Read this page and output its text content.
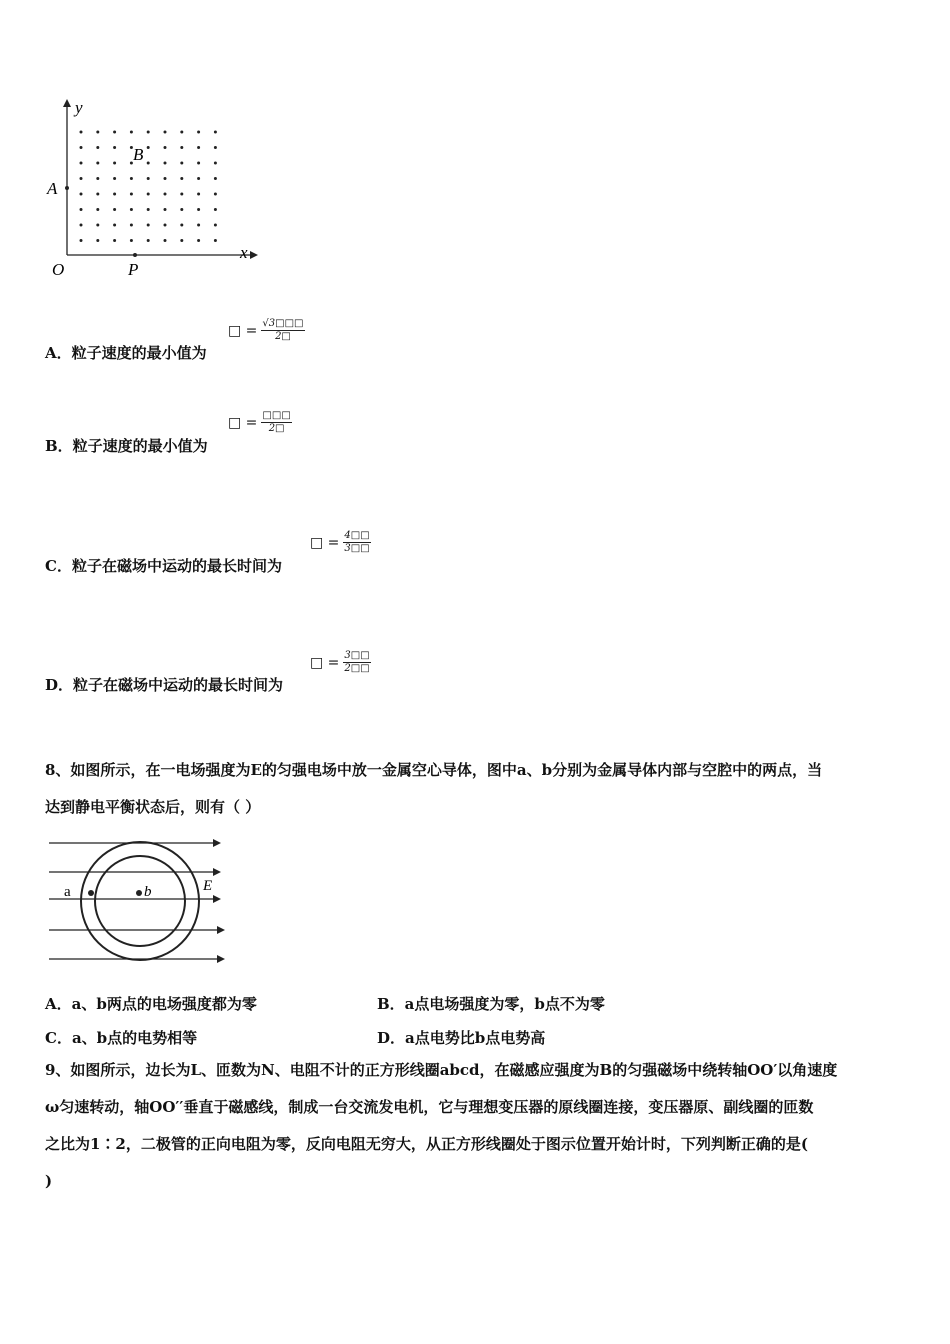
y
x
O
A
B
P
A．粒子速度的最小值为
□ = $\frac{√3□□□}{2□}$
B．粒子速度的最小值为
□ = $\frac{□□□}{2□}$
C．粒子在磁场中运动的最长时间为
□ = $\frac{4□□}{3□□}$
D．粒子在磁场中运动的最长时间为
□ = $\frac{3□□}{2□□}$
8、如图所示，在一电场强度为E的匀强电场中放一金属空心导体，图中a、b分别为金属导体内部与空腔中的两点，当
达到静电平衡状态后，则有（ ）
a	b	E
A．a、b两点的电场强度都为零	B．a点电场强度为零，b点不为零
C．a、b点的电势相等	D．a点电势比b点电势高
9、如图所示，边长为L、匝数为N、电阻不计的正方形线圈abcd，在磁感应强度为B的匀强磁场中绕转轴OO′以角速度
ω匀速转动，轴OO′′垂直于磁感线，制成一台交流发电机，它与理想变压器的原线圈连接，变压器原、副线圈的匝数
之比为1∶2，二极管的正向电阻为零，反向电阻无穷大，从正方形线圈处于图示位置开始计时，下列判断正确的是(
)
